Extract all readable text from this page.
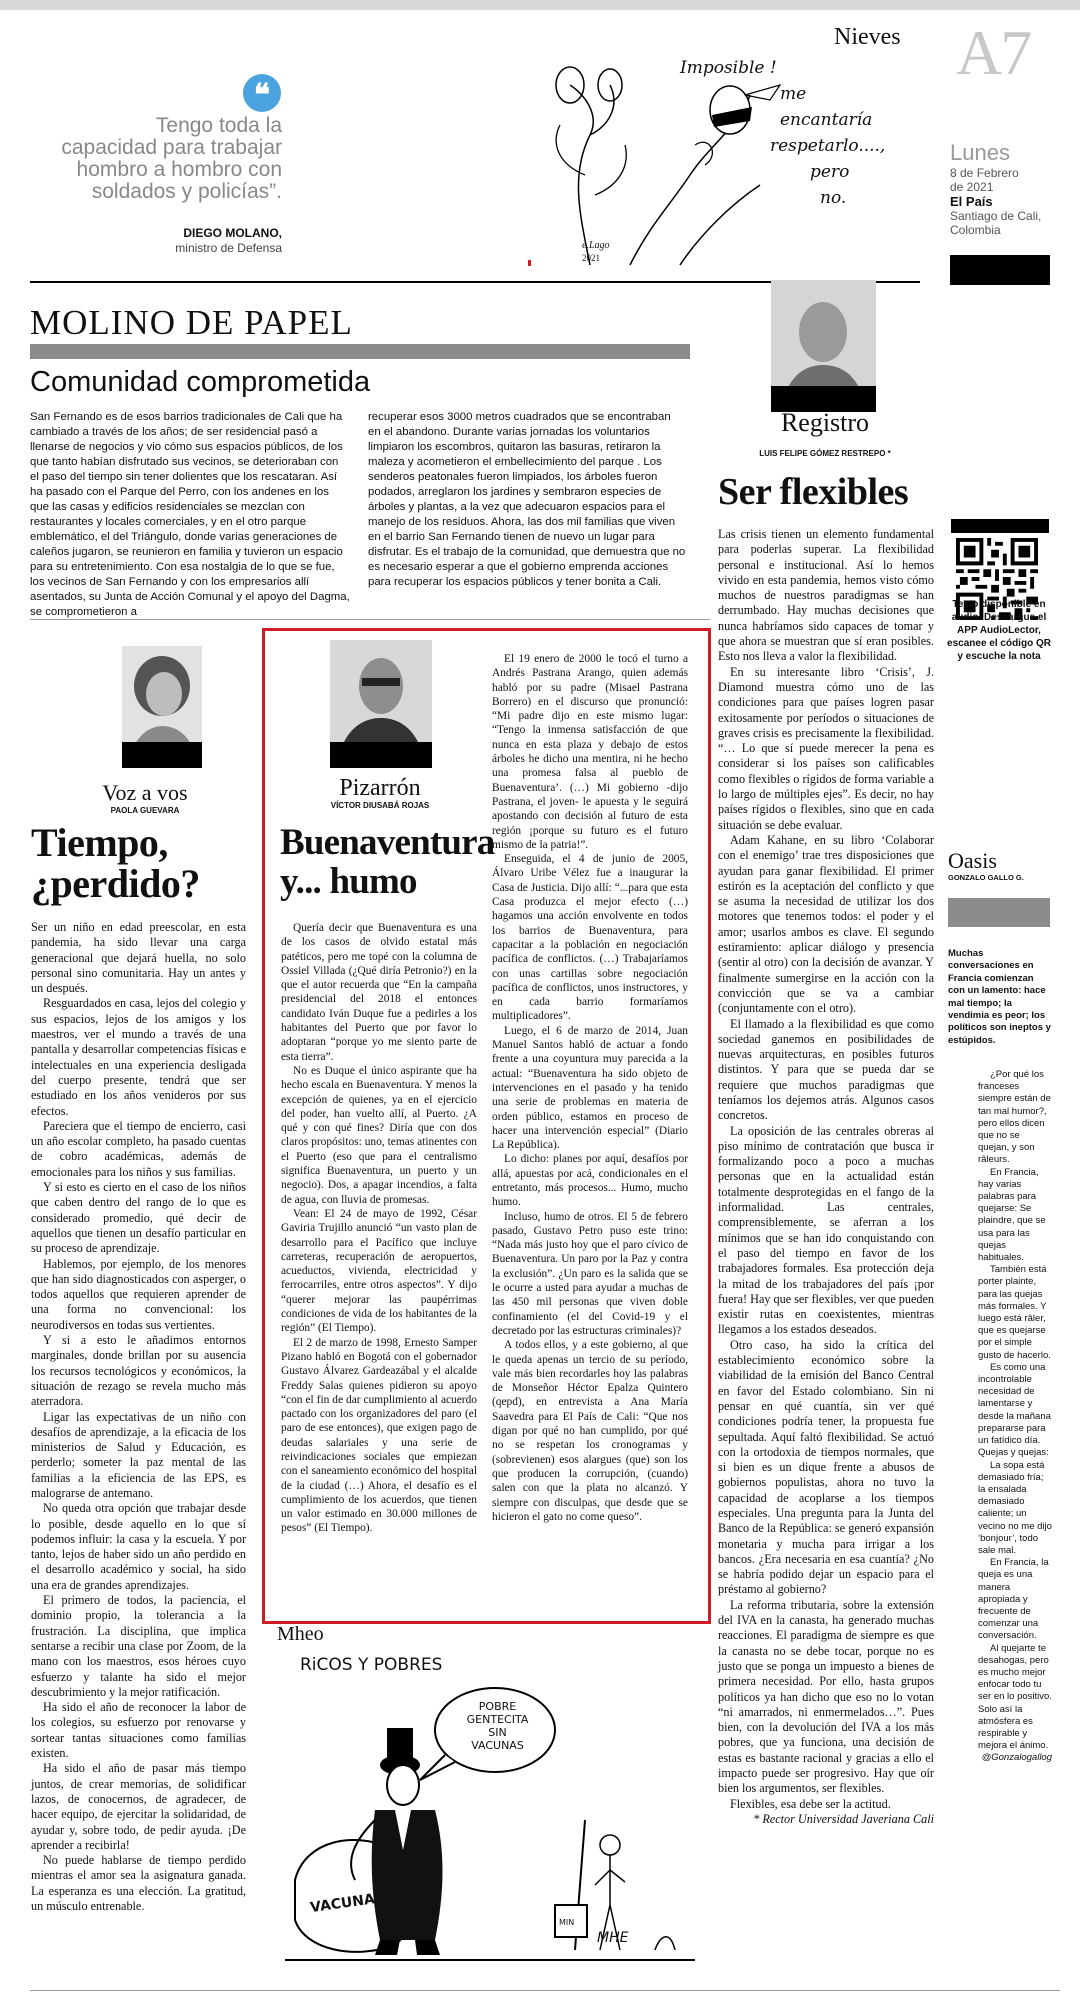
Nieves A7
Lunes
8 de Febrero
de 2021
El País
Santiago de Cali,
Colombia
❝
Tengo toda la
capacidad para trabajar
hombro a hombro con
soldados y policías”.
DIEGO MOLANO,
ministro de Defensa
Imposible !
me
encantaría
respetarlo....,
pero
no.
e.Lago
2021
MOLINO DE PAPEL
Comunidad comprometida
San Fernando es de esos barrios tradicionales de Cali que ha cambiado a través de los años; de ser residencial pasó a llenarse de negocios y vio cómo sus espacios públicos, de los que tanto habían disfrutado sus vecinos, se deterioraban con el paso del tiempo sin tener dolientes que los rescataran. Así ha pasado con el Parque del Perro, con los andenes en los que las casas y edificios residenciales se mezclan con restaurantes y locales comerciales, y en el otro parque emblemático, el del Triángulo, donde varias generaciones de caleños jugaron, se reunieron en familia y tuvieron un espacio para su entretenimiento. Con esa nostalgia de lo que se fue, los vecinos de San Fernando y con los empresarios allí asentados, su Junta de Acción Comunal y el apoyo del Dagma, se comprometieron a
recuperar esos 3000 metros cuadrados que se encontraban en el abandono. Durante varias jornadas los voluntarios limpiaron los escombros, quitaron las basuras, retiraron la maleza y acometieron el embellecimiento del parque . Los senderos peatonales fueron limpiados, los árboles fueron podados, arreglaron los jardines y sembraron especies de árboles y plantas, a la vez que adecuaron espacios para el manejo de los residuos. Ahora, las dos mil familias que viven en el barrio San Fernando tienen de nuevo un lugar para disfrutar. Es el trabajo de la comunidad, que demuestra que no es necesario esperar a que el gobierno emprenda acciones para recuperar los espacios públicos y tener bonita a Cali.
Registro
LUIS FELIPE GÓMEZ RESTREPO *
Ser flexibles

Las crisis tienen un elemento fundamental para poderlas superar. La flexibilidad personal e institucional. Así lo hemos vivido en esta pandemia, hemos visto cómo muchos de nuestros paradigmas se han derrumbado. Hay muchas decisiones que nunca habríamos sido capaces de tomar y que ahora se muestran que sí eran posibles. Esto nos lleva a valor la flexibilidad.

En su interesante libro ‘Crisis’, J. Diamond muestra cómo uno de las condiciones para que países logren pasar exitosamente por períodos o situaciones de graves crisis es precisamente la flexibilidad. “… Lo que sí puede merecer la pena es considerar si los países son calificables como flexibles o rígidos de forma variable a lo largo de múltiples ejes”. Es decir, no hay países rígidos o flexibles, sino que en cada situación se debe evaluar.

Adam Kahane, en su libro ‘Colaborar con el enemigo’ trae tres disposiciones que ayudan para ganar flexibilidad. El primer estirón es la aceptación del conflicto y que se asuma la necesidad de utilizar los dos motores que tenemos todos: el poder y el amor; usarlos ambos es clave. El segundo estiramiento: aplicar diálogo y presencia (sentir al otro) con la decisión de avanzar. Y finalmente sumergirse en la acción con la convicción que se va a cambiar (conjuntamente con el otro).

El llamado a la flexibilidad es que como sociedad ganemos en posibilidades de nuevas arquitecturas, en posibles futuros distintos. Y para que se pueda dar se requiere que muchos paradigmas que teníamos los dejemos atrás. Algunos casos concretos.

La oposición de las centrales obreras al piso mínimo de contratación que busca ir formalizando poco a poco a muchas personas que en la actualidad están totalmente desprotegidas en el fango de la informalidad. Las centrales, comprensiblemente, se aferran a los mínimos que se han ido conquistando con el paso del tiempo en favor de los trabajadores formales. Esa protección deja la mitad de los trabajadores del país ¡por fuera! Hay que ser flexibles, ver que pueden existir rutas en coexistentes, mientras llegamos a los estados deseados.

Otro caso, ha sido la crítica del establecimiento económico sobre la viabilidad de la emisión del Banco Central en favor del Estado colombiano. Sin ni pensar en qué cuantía, sin ver qué condiciones podría tener, la propuesta fue sepultada. Aquí faltó flexibilidad. Se actuó con la ortodoxia de tiempos normales, que si bien es un dique frente a abusos de gobiernos populistas, ahora no tuvo la capacidad de acoplarse a los tiempos especiales. Una pregunta para la Junta del Banco de la República: se generó expansión monetaria y mucha para irrigar a los bancos. ¿Era necesaria en esa cuantía? ¿No se habría podido dejar un espacio para el préstamo al gobierno?

La reforma tributaria, sobre la extensión del IVA en la canasta, ha generado muchas reacciones. El paradigma de siempre es que la canasta no se debe tocar, porque no es justo que se ponga un impuesto a bienes de primera necesidad. Por ello, hasta grupos políticos ya han dicho que eso no lo votan “ni amarrados, ni enmermelados…”. Pues bien, con la devolución del IVA a los más pobres, que ya funciona, una decisión de estas es bastante racional y gracias a ello el impacto puede ser progresivo. Hay que oír bien los argumentos, ser flexibles.

Flexibles, esa debe ser la actitud.

* Rector Universidad Javeriana Cali

Texto disponible en audio. Descargue el APP AudioLector, escanee el código QR y escuche la nota
Oasis
GONZALO GALLO G.
Muchas conversaciones en Francia comienzan con un lamento: hace mal tiempo; la vendimia es peor; los políticos son ineptos y estúpidos.

¿Por qué los franceses siempre están de tan mal humor?, pero ellos dicen que no se quejan, y son râleurs.

En Francia, hay varias palabras para quejarse: Se plaindre, que se usa para las quejas habituales.

También está porter plainte, para las quejas más formales. Y luego está râler, que es quejarse por el simple gusto de hacerlo.

Es como una incontrolable necesidad de lamentarse y desde la mañana prepararse para un fatídico día. Quejas y quejas:

La sopa está demasiado fría; la ensalada demasiado caliente; un vecino no me dijo ‘bonjour’, todo sale mal.

En Francia, la queja es una manera apropiada y frecuente de comenzar una conversación.

Al quejarte te desahogas, pero es mucho mejor enfocar todo tu ser en lo positivo. Solo así la atmósfera es respirable y mejora el ánimo.

@Gonzalogallog

Voz a vos
PAOLA GUEVARA
Tiempo,
¿perdido?

Ser un niño en edad preescolar, en esta pandemia, ha sido llevar una carga generacional que dejará huella, no solo personal sino comunitaria. Hay un antes y un después.

Resguardados en casa, lejos del colegio y sus espacios, lejos de los amigos y los maestros, ver el mundo a través de una pantalla y desarrollar competencias físicas e intelectuales en una experiencia desligada del cuerpo presente, tendrá que ser estudiado en los años venideros por sus efectos.

Pareciera que el tiempo de encierro, casi un año escolar completo, ha pasado cuentas de cobro académicas, además de emocionales para los niños y sus familias.

Y si esto es cierto en el caso de los niños que caben dentro del rango de lo que es considerado promedio, qué decir de aquellos que tienen un desafío particular en su proceso de aprendizaje.

Hablemos, por ejemplo, de los menores que han sido diagnosticados con asperger, o todos aquellos que requieren aprender de una forma no convencional: los neurodiversos en todas sus vertientes.

Y si a esto le añadimos entornos marginales, donde brillan por su ausencia los recursos tecnológicos y económicos, la situación de rezago se revela mucho más aterradora.

Ligar las expectativas de un niño con desafíos de aprendizaje, a la eficacia de los ministerios de Salud y Educación, es perderlo; someter la paz mental de las familias a la eficiencia de las EPS, es malograrse de antemano.

No queda otra opción que trabajar desde lo posible, desde aquello en lo que sí podemos influir: la casa y la escuela. Y por tanto, lejos de haber sido un año perdido en el desarrollo académico y social, ha sido una era de grandes aprendizajes.

El primero de todos, la paciencia, el dominio propio, la tolerancia a la frustración. La disciplina, que implica sentarse a recibir una clase por Zoom, de la mano con los maestros, esos héroes cuyo esfuerzo y talante ha sido el mejor descubrimiento y la mejor ratificación.

Ha sido el año de reconocer la labor de los colegios, su esfuerzo por renovarse y sortear tantas situaciones como familias existen.

Ha sido el año de pasar más tiempo juntos, de crear memorias, de solidificar lazos, de conocernos, de agradecer, de hacer equipo, de ejercitar la solidaridad, de ayudar y, sobre todo, de pedir ayuda. ¡De aprender a recibirla!

No puede hablarse de tiempo perdido mientras el amor sea la asignatura ganada. La esperanza es una elección. La gratitud, un músculo entrenable.

Pizarrón
VÍCTOR DIUSABÁ ROJAS
Buenaventura
y... humo

Quería decir que Buenaventura es una de los casos de olvido estatal más patéticos, pero me topé con la columna de Ossiel Villada (¿Qué diría Petronio?) en la que el autor recuerda que “En la campaña presidencial del 2018 el entonces candidato Iván Duque fue a pedirles a los habitantes del Puerto que por favor lo adoptaran “porque yo me siento parte de esta tierra”.

No es Duque el único aspirante que ha hecho escala en Buenaventura. Y menos la excepción de quienes, ya en el ejercicio del poder, han vuelto allí, al Puerto. ¿A qué y con qué fines? Diría que con dos claros propósitos: uno, temas atinentes con el Puerto (eso que para el centralismo significa Buenaventura, un puerto y un negocio). Dos, a apagar incendios, a falta de agua, con lluvia de promesas.

Vean: El 24 de mayo de 1992, César Gaviria Trujillo anunció “un vasto plan de desarrollo para el Pacífico que incluye carreteras, recuperación de aeropuertos, acueductos, vivienda, electricidad y ferrocarriles, entre otros aspectos”. Y dijo “querer mejorar las paupérrimas condiciones de vida de los habitantes de la región” (El Tiempo).

El 2 de marzo de 1998, Ernesto Samper Pizano habló en Bogotá con el gobernador Gustavo Álvarez Gardeazábal y el alcalde Freddy Salas quienes pidieron su apoyo “con el fin de dar cumplimiento al acuerdo pactado con los organizadores del paro (el paro de ese entonces), que exigen pago de deudas salariales y una serie de reivindicaciones sociales que empiezan con el saneamiento económico del hospital de la ciudad (…) Ahora, el desafío es el cumplimiento de los acuerdos, que tienen un valor estimado en 30.000 millones de pesos” (El Tiempo).

El 19 enero de 2000 le tocó el turno a Andrés Pastrana Arango, quien además habló por su padre (Misael Pastrana Borrero) en el discurso que pronunció: “Mi padre dijo en este mismo lugar: “Tengo la inmensa satisfacción de que nunca en esta plaza y debajo de estos árboles he dicho una mentira, ni he hecho una promesa falsa al pueblo de Buenaventura’. (…) Mi gobierno -dijo Pastrana, el joven- le apuesta y le seguirá apostando con decisión al futuro de esta región ¡porque su futuro es el futuro mismo de la patria!”.

Enseguida, el 4 de junio de 2005, Álvaro Uribe Vélez fue a inaugurar la Casa de Justicia. Dijo allí: “...para que esta Casa produzca el mejor efecto (…) hagamos una acción envolvente en todos los barrios de Buenaventura, para capacitar a la población en negociación pacífica de conflictos. (…) Trabajaríamos con unas cartillas sobre negociación pacífica de conflictos, unos instructores, y en cada barrio formaríamos multiplicadores”.

Luego, el 6 de marzo de 2014, Juan Manuel Santos habló de actuar a fondo frente a una coyuntura muy parecida a la actual: “Buenaventura ha sido objeto de intervenciones en el pasado y ha tenido una serie de problemas en materia de orden público, estamos en proceso de hacer una intervención especial” (Diario La República).

Lo dicho: planes por aquí, desafíos por allá, apuestas por acá, condicionales en el entretanto, más procesos... Humo, mucho humo.

Incluso, humo de otros. El 5 de febrero pasado, Gustavo Petro puso este trino: “Nada más justo hoy que el paro cívico de Buenaventura. Un paro por la Paz y contra la exclusión”. ¿Un paro es la salida que se le ocurre a usted para ayudar a muchas de las 450 mil personas que viven doble confinamiento (el del Covid-19 y el decretado por las estructuras criminales)?

A todos ellos, y a este gobierno, al que le queda apenas un tercio de su período, vale más bien recordarles hoy las palabras de Monseñor Héctor Epalza Quintero (qepd), en entrevista a Ana María Saavedra para El País de Cali: “Que nos digan por qué no han cumplido, por qué no se respetan los cronogramas y (sobrevienen) esos alargues (que) son los que producen la corrupción, (cuando) salen con que la plata no alcanzó. Y siempre con disculpas, que desde que se hicieron el gato no come queso”.

Mheo
RiCOS Y POBRES
POBRE
GENTECITA
SIN
VACUNAS
VACUNAS
MIN
MHE
